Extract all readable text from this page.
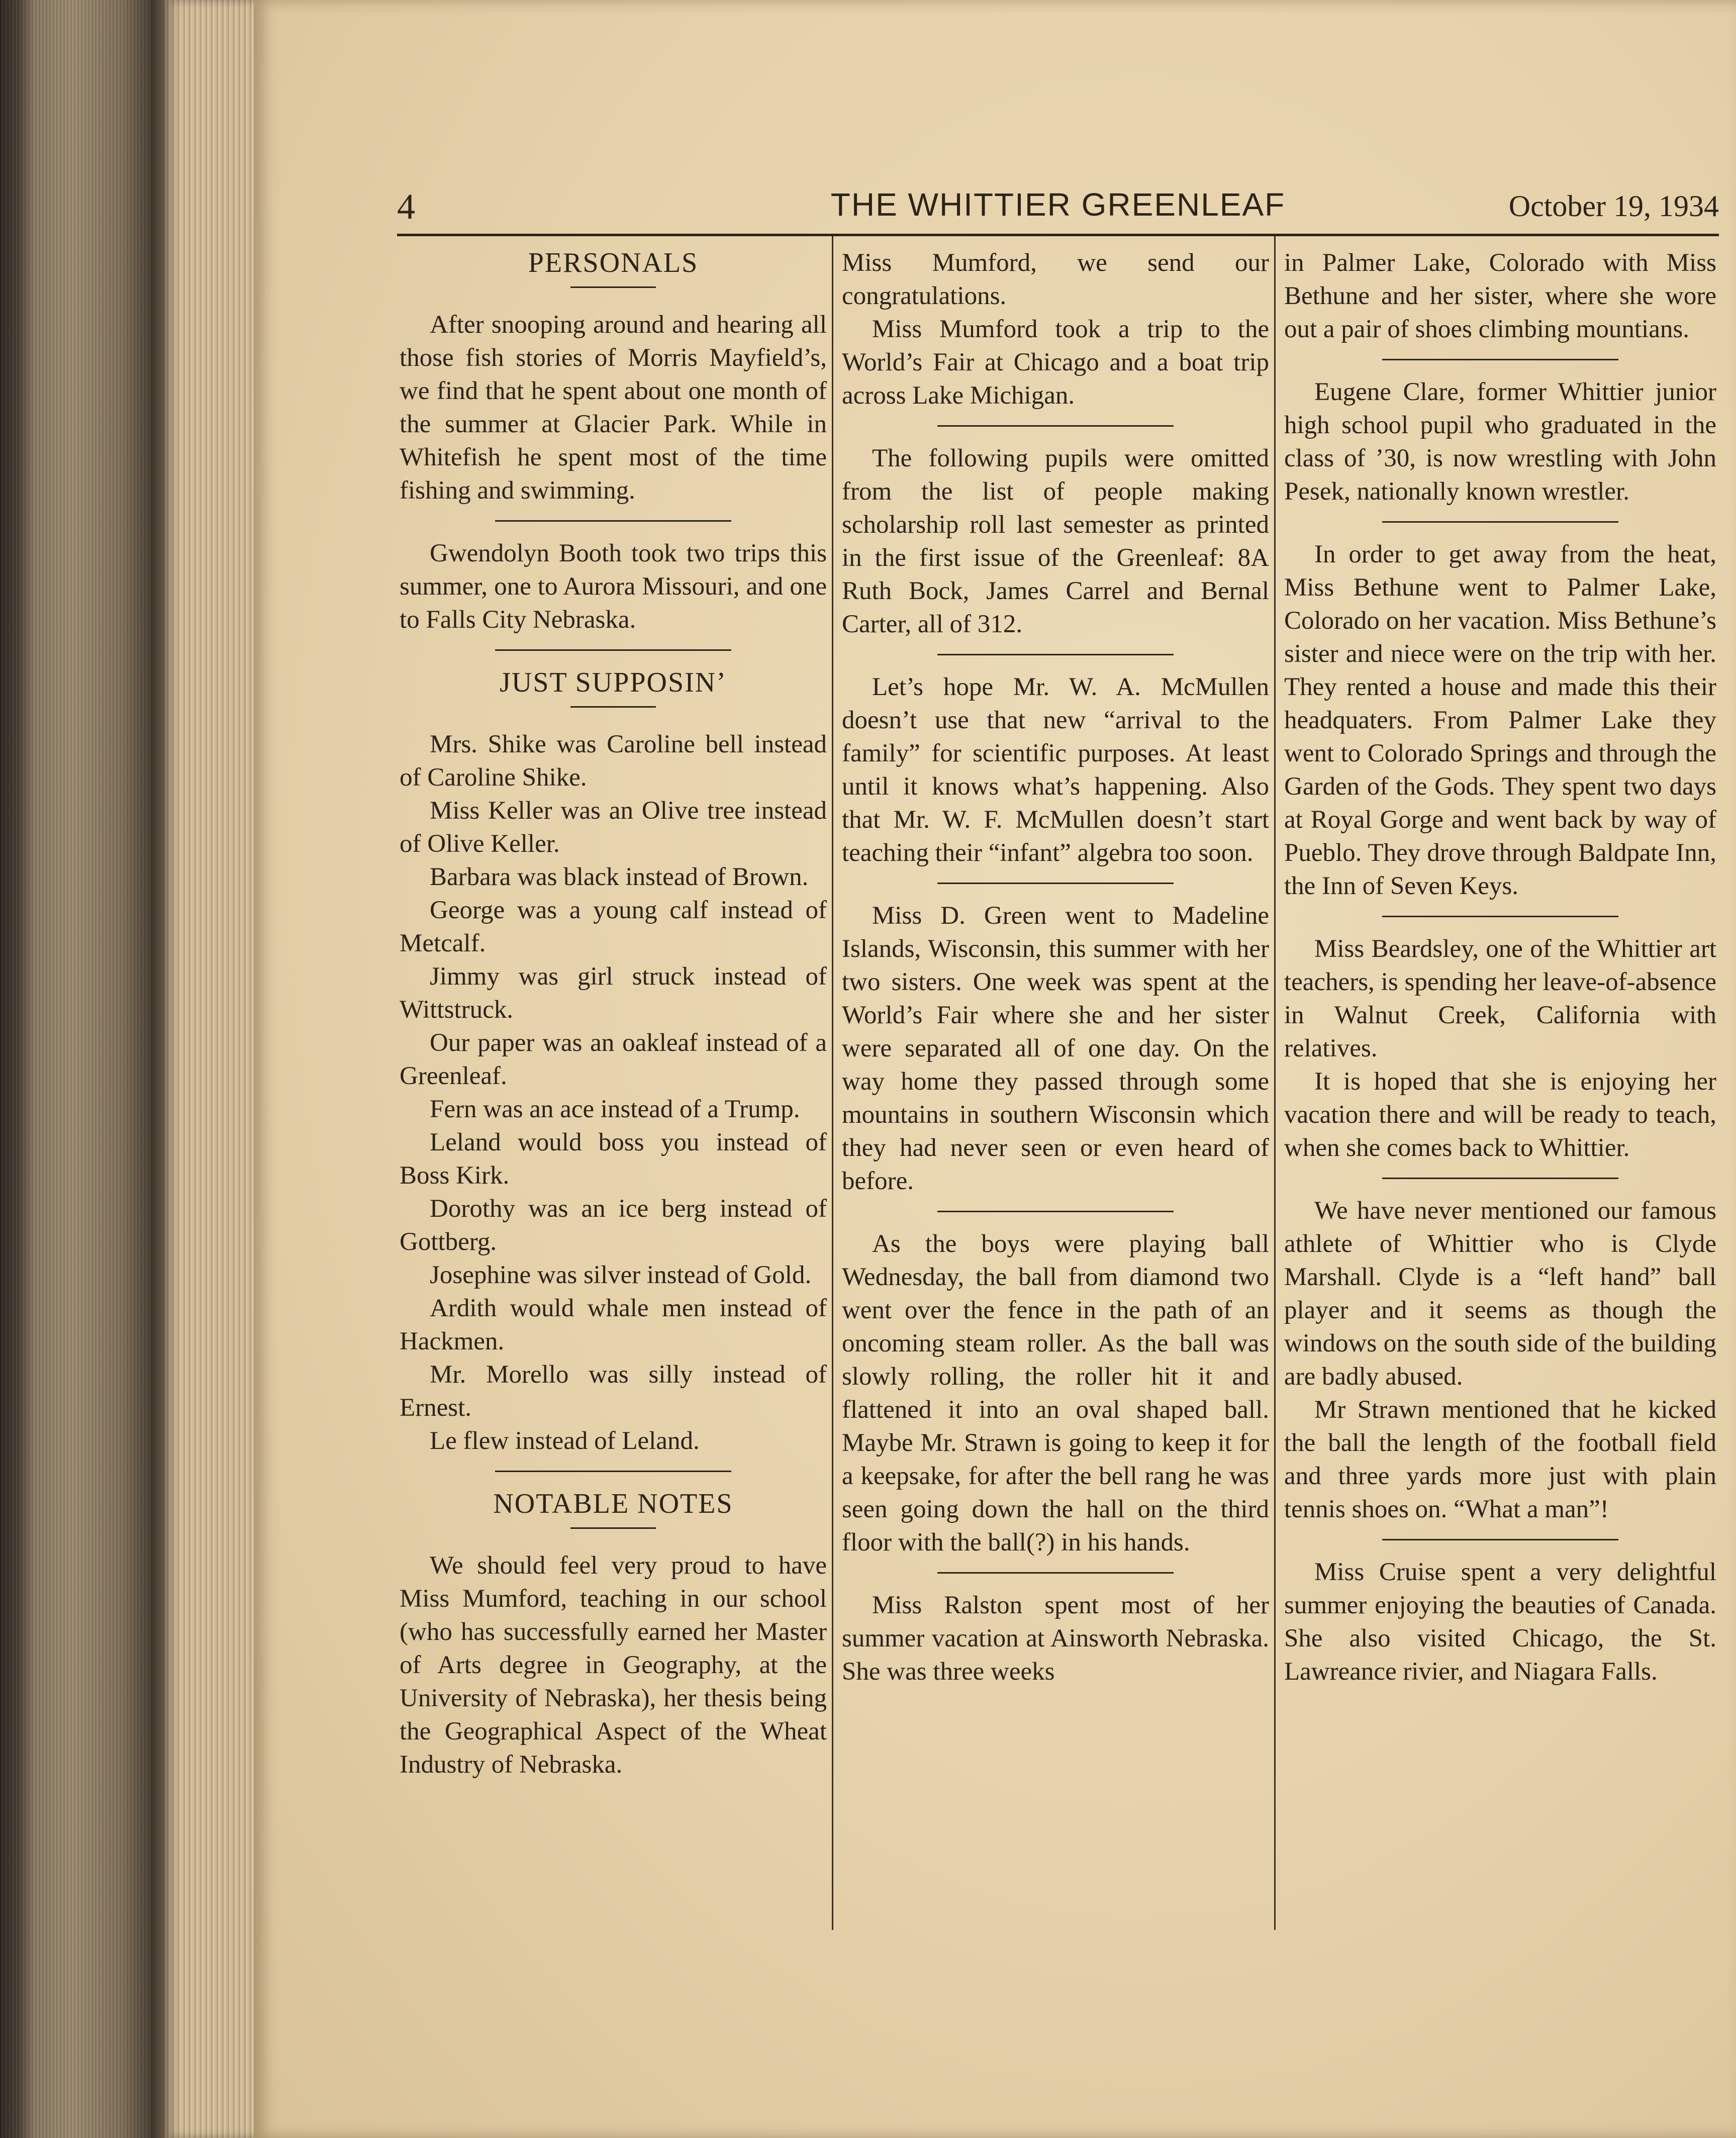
4	THE WHITTIER GREENLEAF	October 19, 1934
PERSONALS

After snooping around and hearing all those fish stories of Morris Mayfield’s, we find that he spent about one month of the summer at Glacier Park. While in Whitefish he spent most of the time fishing and swimming.

Gwendolyn Booth took two trips this summer, one to Aurora Missouri, and one to Falls City Nebraska.

JUST SUPPOSIN’

Mrs. Shike was Caroline bell instead of Caroline Shike.

Miss Keller was an Olive tree instead of Olive Keller.

Barbara was black instead of Brown.

George was a young calf instead of Metcalf.

Jimmy was girl struck instead of Wittstruck.

Our paper was an oakleaf instead of a Greenleaf.

Fern was an ace instead of a Trump.

Leland would boss you instead of Boss Kirk.

Dorothy was an ice berg instead of Gottberg.

Josephine was silver instead of Gold.

Ardith would whale men instead of Hackmen.

Mr. Morello was silly instead of Ernest.

Le flew instead of Leland.

NOTABLE NOTES

We should feel very proud to have Miss Mumford, teaching in our school (who has successfully earned her Master of Arts degree in Geography, at the University of Nebraska), her thesis being the Geographical Aspect of the Wheat Industry of Nebraska.

Miss Mumford, we send our congratulations.

Miss Mumford took a trip to the World’s Fair at Chicago and a boat trip across Lake Michigan.

The following pupils were omitted from the list of people making scholarship roll last semester as printed in the first issue of the Greenleaf: 8A Ruth Bock, James Carrel and Bernal Carter, all of 312.

Let’s hope Mr. W. A. McMullen doesn’t use that new “arrival to the family” for scientific purposes. At least until it knows what’s happening. Also that Mr. W. F. McMullen doesn’t start teaching their “infant” algebra too soon.

Miss D. Green went to Madeline Islands, Wisconsin, this summer with her two sisters. One week was spent at the World’s Fair where she and her sister were separated all of one day. On the way home they passed through some mountains in southern Wisconsin which they had never seen or even heard of before.

As the boys were playing ball Wednesday, the ball from diamond two went over the fence in the path of an oncoming steam roller. As the ball was slowly rolling, the roller hit it and flattened it into an oval shaped ball. Maybe Mr. Strawn is going to keep it for a keepsake, for after the bell rang he was seen going down the hall on the third floor with the ball(?) in his hands.

Miss Ralston spent most of her summer vacation at Ainsworth Nebraska. She was three weeks

in Palmer Lake, Colorado with Miss Bethune and her sister, where she wore out a pair of shoes climbing mountians.

Eugene Clare, former Whittier junior high school pupil who graduated in the class of ’30, is now wrestling with John Pesek, nationally known wrestler.

In order to get away from the heat, Miss Bethune went to Palmer Lake, Colorado on her vacation. Miss Bethune’s sister and niece were on the trip with her. They rented a house and made this their headquaters. From Palmer Lake they went to Colorado Springs and through the Garden of the Gods. They spent two days at Royal Gorge and went back by way of Pueblo. They drove through Baldpate Inn, the Inn of Seven Keys.

Miss Beardsley, one of the Whittier art teachers, is spending her leave-of-absence in Walnut Creek, California with relatives.

It is hoped that she is enjoying her vacation there and will be ready to teach, when she comes back to Whittier.

We have never mentioned our famous athlete of Whittier who is Clyde Marshall. Clyde is a “left hand” ball player and it seems as though the windows on the south side of the building are badly abused.

Mr Strawn mentioned that he kicked the ball the length of the football field and three yards more just with plain tennis shoes on. “What a man”!

Miss Cruise spent a very delightful summer enjoying the beauties of Canada. She also visited Chicago, the St. Lawreance rivier, and Niagara Falls.
